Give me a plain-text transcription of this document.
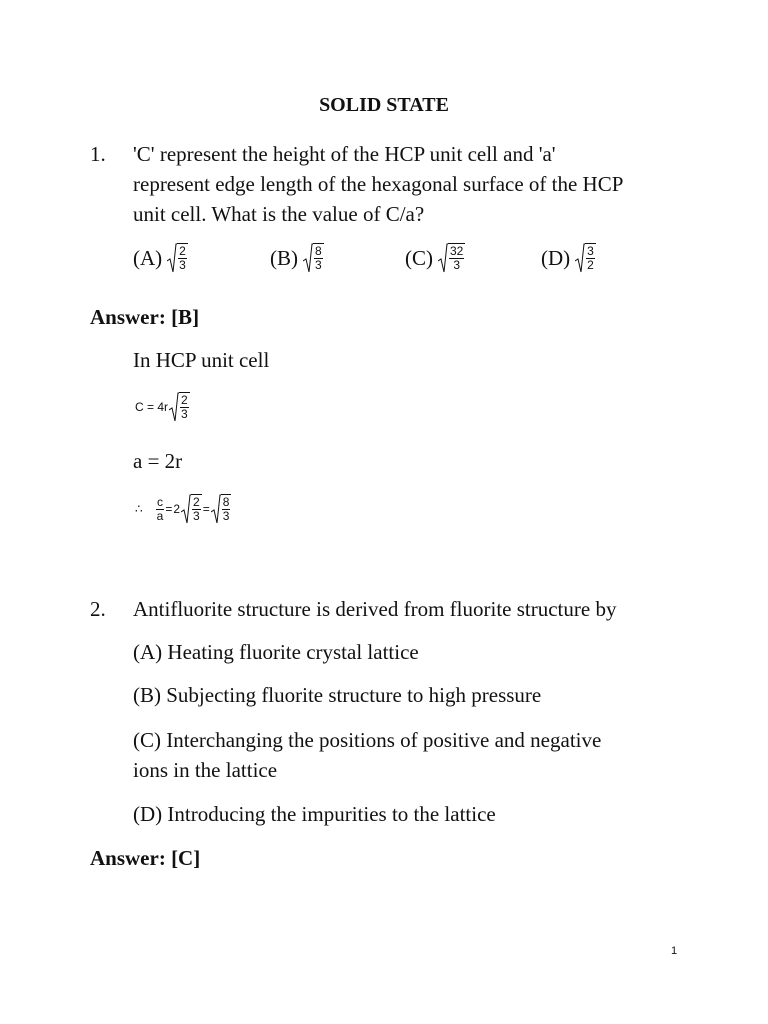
SOLID STATE
1. 'C' represent the height of the HCP unit cell and 'a'
represent edge length of the hexagonal surface of the HCP
unit cell. What is the value of C/a?
$(A) \frac{2}{3}$	$(B) \frac{8}{3}$	$(C) \frac{32}{3}$	$(D) \frac{3}{2}$
Answer: [B]
In HCP unit cell
$C = 4r \frac{2}{3}$
a = 2r
∴ $\frac{c}{a} = 2 \frac{2}{3} = \frac{8}{3}$
2. Antifluorite structure is derived from fluorite structure by
(A) Heating fluorite crystal lattice
(B) Subjecting fluorite structure to high pressure
(C) Interchanging the positions of positive and negative
ions in the lattice
(D) Introducing the impurities to the lattice
Answer: [C]
1
